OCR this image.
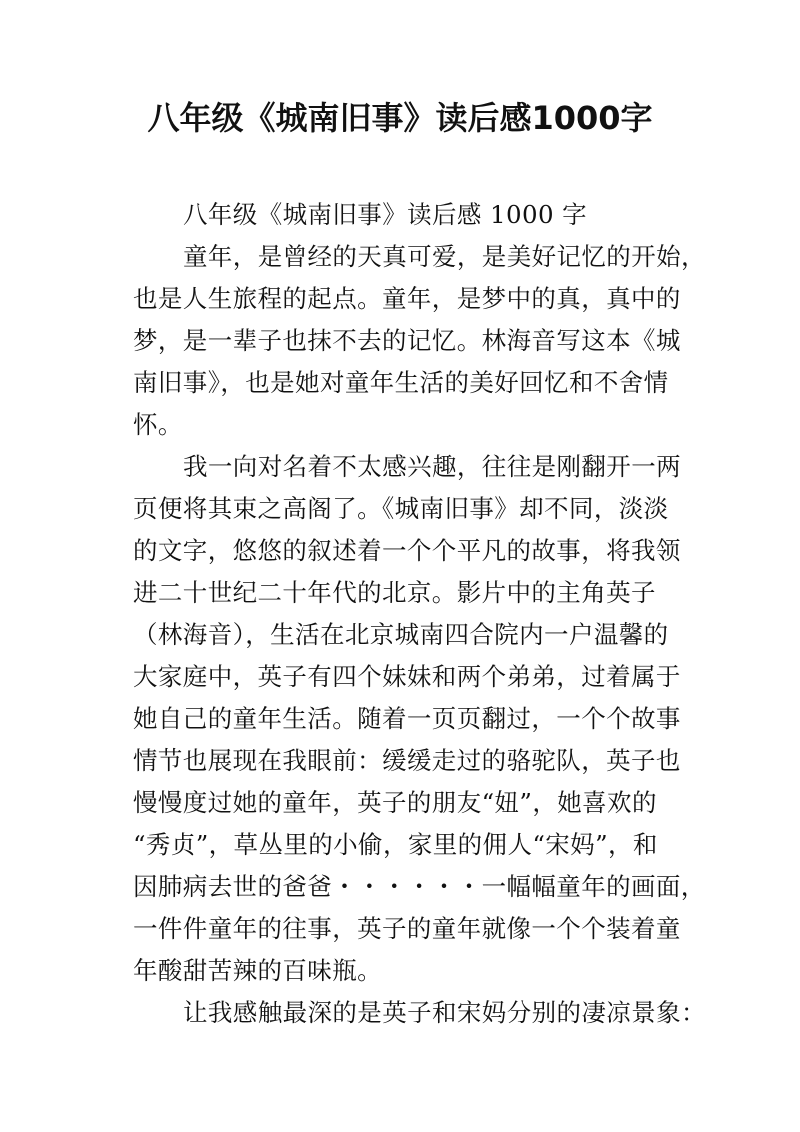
八年级《城南旧事》读后感1000字
八年级《城南旧事》读后感 1000 字
童年，是曾经的天真可爱，是美好记忆的开始，
也是人生旅程的起点。童年，是梦中的真，真中的
梦，是一辈子也抹不去的记忆。林海音写这本《城
南旧事》，也是她对童年生活的美好回忆和不舍情
怀。
我一向对名着不太感兴趣，往往是刚翻开一两
页便将其束之高阁了。《城南旧事》却不同，淡淡
的文字，悠悠的叙述着一个个平凡的故事，将我领
进二十世纪二十年代的北京。影片中的主角英子
（林海音），生活在北京城南四合院内一户温馨的
大家庭中，英子有四个妹妹和两个弟弟，过着属于
她自己的童年生活。随着一页页翻过，一个个故事
情节也展现在我眼前：缓缓走过的骆驼队，英子也
慢慢度过她的童年，英子的朋友“妞”，她喜欢的
“秀贞”，草丛里的小偷，家里的佣人“宋妈”，和
因肺病去世的爸爸・・・・・・一幅幅童年的画面，
一件件童年的往事，英子的童年就像一个个装着童
年酸甜苦辣的百味瓶。
让我感触最深的是英子和宋妈分别的凄凉景象：
